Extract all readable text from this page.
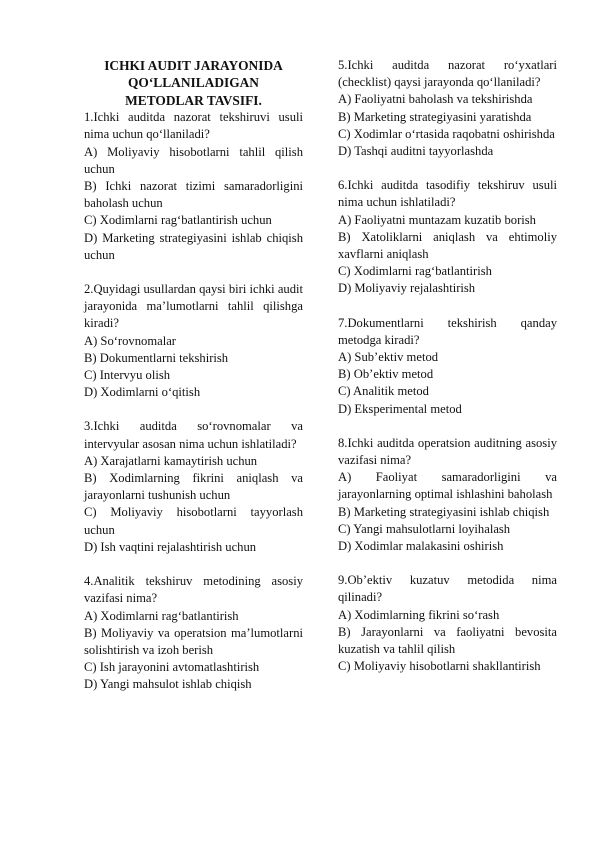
ICHKI AUDIT JARAYONIDA QO‘LLANILADIGAN METODLAR TAVSIFI.

1.Ichki auditda nazorat tekshiruvi usuli nima uchun qo‘llaniladi?

A) Moliyaviy hisobotlarni tahlil qilish uchun

B) Ichki nazorat tizimi samaradorligini baholash uchun

C) Xodimlarni rag‘batlantirish uchun

D) Marketing strategiyasini ishlab chiqish uchun

2.Quyidagi usullardan qaysi biri ichki audit jarayonida ma’lumotlarni tahlil qilishga kiradi?

A) So‘rovnomalar

B) Dokumentlarni tekshirish

C) Intervyu olish

D) Xodimlarni o‘qitish

3.Ichki auditda so‘rovnomalar va intervyular asosan nima uchun ishlatiladi?

A) Xarajatlarni kamaytirish uchun

B) Xodimlarning fikrini aniqlash va jarayonlarni tushunish uchun

C) Moliyaviy hisobotlarni tayyorlash uchun

D) Ish vaqtini rejalashtirish uchun

4.Analitik tekshiruv metodining asosiy vazifasi nima?

A) Xodimlarni rag‘batlantirish

B) Moliyaviy va operatsion ma’lumotlarni solishtirish va izoh berish

C) Ish jarayonini avtomatlashtirish

D) Yangi mahsulot ishlab chiqish

5.Ichki auditda nazorat ro‘yxatlari (checklist) qaysi jarayonda qo‘llaniladi?

A) Faoliyatni baholash va tekshirishda

B) Marketing strategiyasini yaratishda

C) Xodimlar o‘rtasida raqobatni oshirishda

D) Tashqi auditni tayyorlashda

6.Ichki auditda tasodifiy tekshiruv usuli nima uchun ishlatiladi?

A) Faoliyatni muntazam kuzatib borish

B) Xatoliklarni aniqlash va ehtimoliy xavflarni aniqlash

C) Xodimlarni rag‘batlantirish

D) Moliyaviy rejalashtirish

7.Dokumentlarni tekshirish qanday metodga kiradi?

A) Sub’ektiv metod

B) Ob’ektiv metod

C) Analitik metod

D) Eksperimental metod

8.Ichki auditda operatsion auditning asosiy vazifasi nima?

A) Faoliyat samaradorligini va jarayonlarning optimal ishlashini baholash

B) Marketing strategiyasini ishlab chiqish

C) Yangi mahsulotlarni loyihalash

D) Xodimlar malakasini oshirish

9.Ob’ektiv kuzatuv metodida nima qilinadi?

A) Xodimlarning fikrini so‘rash

B) Jarayonlarni va faoliyatni bevosita kuzatish va tahlil qilish

C) Moliyaviy hisobotlarni shakllantirish
